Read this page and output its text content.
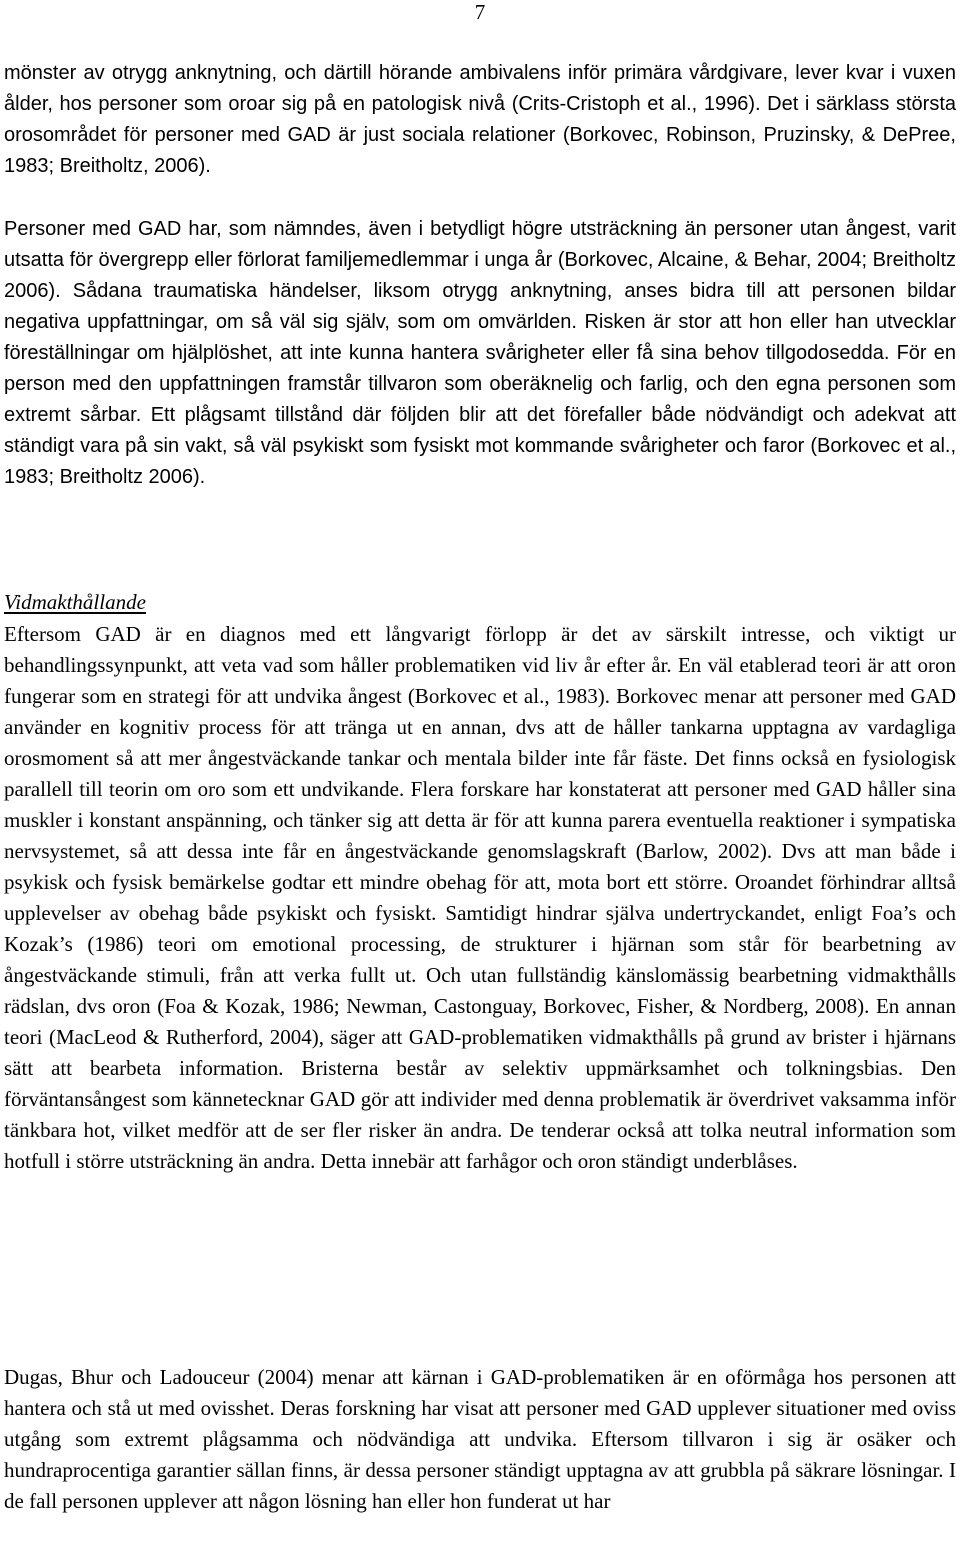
7

mönster av otrygg anknytning, och därtill hörande ambivalens inför primära vårdgivare, lever kvar i vuxen ålder, hos personer som oroar sig på en patologisk nivå (Crits-Cristoph et al., 1996). Det i särklass största orosområdet för personer med GAD är just sociala relationer (Borkovec, Robinson, Pruzinsky, & DePree, 1983; Breitholtz, 2006).

Personer med GAD har, som nämndes, även i betydligt högre utsträckning än personer utan ångest, varit utsatta för övergrepp eller förlorat familjemedlemmar i unga år (Borkovec, Alcaine, & Behar, 2004; Breitholtz 2006). Sådana traumatiska händelser, liksom otrygg anknytning, anses bidra till att personen bildar negativa uppfattningar, om så väl sig själv, som om omvärlden. Risken är stor att hon eller han utvecklar föreställningar om hjälplöshet, att inte kunna hantera svårigheter eller få sina behov tillgodosedda. För en person med den uppfattningen framstår tillvaron som oberäknelig och farlig, och den egna personen som extremt sårbar. Ett plågsamt tillstånd där följden blir att det förefaller både nödvändigt och adekvat att ständigt vara på sin vakt, så väl psykiskt som fysiskt mot kommande svårigheter och faror (Borkovec et al., 1983; Breitholtz 2006).

Vidmakthållande

Eftersom GAD är en diagnos med ett långvarigt förlopp är det av särskilt intresse, och viktigt ur behandlingssynpunkt, att veta vad som håller problematiken vid liv år efter år. En väl etablerad teori är att oron fungerar som en strategi för att undvika ångest (Borkovec et al., 1983). Borkovec menar att personer med GAD använder en kognitiv process för att tränga ut en annan, dvs att de håller tankarna upptagna av vardagliga orosmoment så att mer ångestväckande tankar och mentala bilder inte får fäste. Det finns också en fysiologisk parallell till teorin om oro som ett undvikande. Flera forskare har konstaterat att personer med GAD håller sina muskler i konstant anspänning, och tänker sig att detta är för att kunna parera eventuella reaktioner i sympatiska nervsystemet, så att dessa inte får en ångestväckande genomslagskraft (Barlow, 2002). Dvs att man både i psykisk och fysisk bemärkelse godtar ett mindre obehag för att, mota bort ett större. Oroandet förhindrar alltså upplevelser av obehag både psykiskt och fysiskt. Samtidigt hindrar själva undertryckandet, enligt Foa’s och Kozak’s (1986) teori om emotional processing, de strukturer i hjärnan som står för bearbetning av ångestväckande stimuli, från att verka fullt ut. Och utan fullständig känslomässig bearbetning vidmakthålls rädslan, dvs oron (Foa & Kozak, 1986; Newman, Castonguay, Borkovec, Fisher, & Nordberg, 2008). En annan teori (MacLeod & Rutherford, 2004), säger att GAD-problematiken vidmakthålls på grund av brister i hjärnans sätt att bearbeta information. Bristerna består av selektiv uppmärksamhet och tolkningsbias. Den förväntansångest som kännetecknar GAD gör att individer med denna problematik är överdrivet vaksamma inför tänkbara hot, vilket medför att de ser fler risker än andra. De tenderar också att tolka neutral information som hotfull i större utsträckning än andra. Detta innebär att farhågor och oron ständigt underblåses.

Dugas, Bhur och Ladouceur (2004) menar att kärnan i GAD-problematiken är en oförmåga hos personen att hantera och stå ut med ovisshet. Deras forskning har visat att personer med GAD upplever situationer med oviss utgång som extremt plågsamma och nödvändiga att undvika. Eftersom tillvaron i sig är osäker och hundraprocentiga garantier sällan finns, är dessa personer ständigt upptagna av att grubbla på säkrare lösningar. I de fall personen upplever att någon lösning han eller hon funderat ut har
